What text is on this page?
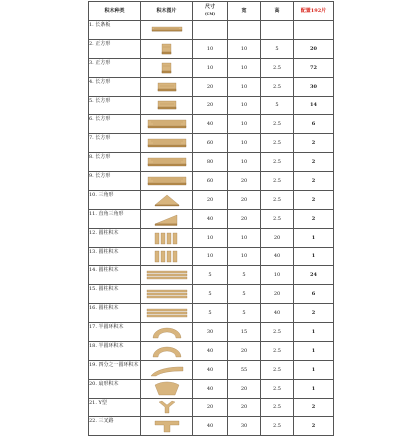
积木种类	积木图片	尺寸
(CM)	宽	高	配置192片

1. 长条板

2. 正方形		10	10	5	20

3. 正方形		10	10	2.5	72

4. 长方形		20	10	2.5	30

5. 长方形		20	10	5	14

6. 长方形		40	10	2.5	6

7. 长方形		60	10	2.5	2

8. 长方形		80	10	2.5	2

9. 长方形		60	20	2.5	2

10. 三角形		20	20	2.5	2

11. 直角三角形		40	20	2.5	2

12. 圆柱积木		10	10	20	1

13. 圆柱积木		10	10	40	1

14. 圆柱积木		5	5	10	24

15. 圆柱积木		5	5	20	6

16. 圆柱积木		5	5	40	2

17. 半圆环积木		30	15	2.5	1

18. 半圆环积木		40	20	2.5	1

19. 四分之一圆环积木		40	55	2.5	1

20. 扇形积木		40	20	2.5	1

21. Y型		20	20	2.5	2

22. 三叉路		40	30	2.5	2
